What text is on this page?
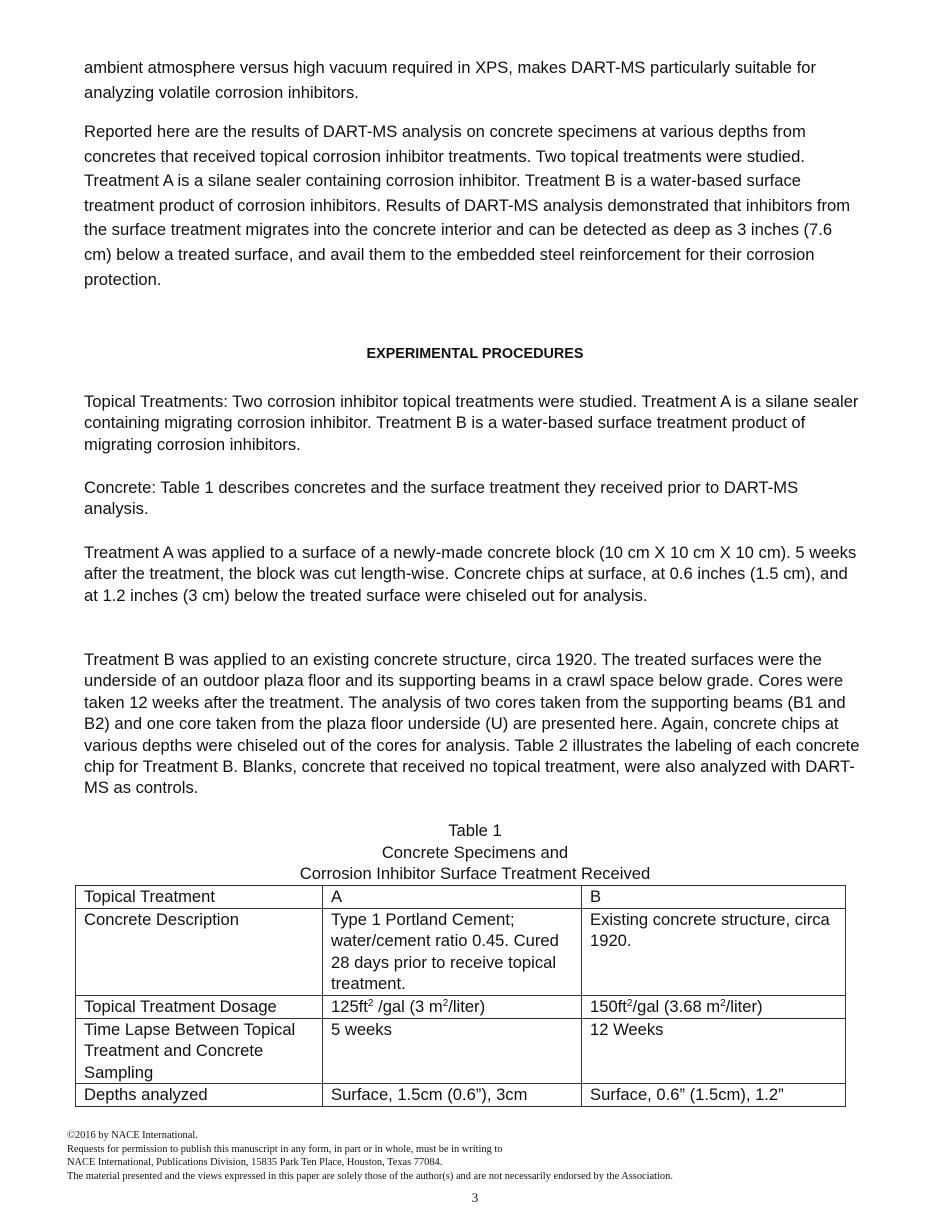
ambient atmosphere versus high vacuum required in XPS, makes DART-MS particularly suitable for analyzing volatile corrosion inhibitors.

Reported here are the results of DART-MS analysis on concrete specimens at various depths from concretes that received topical corrosion inhibitor treatments. Two topical treatments were studied. Treatment A is a silane sealer containing corrosion inhibitor. Treatment B is a water-based surface treatment product of corrosion inhibitors. Results of DART-MS analysis demonstrated that inhibitors from the surface treatment migrates into the concrete interior and can be detected as deep as 3 inches (7.6 cm) below a treated surface, and avail them to the embedded steel reinforcement for their corrosion protection.

EXPERIMENTAL PROCEDURES

Topical Treatments: Two corrosion inhibitor topical treatments were studied. Treatment A is a silane sealer containing migrating corrosion inhibitor. Treatment B is a water-based surface treatment product of migrating corrosion inhibitors.

Concrete: Table 1 describes concretes and the surface treatment they received prior to DART-MS analysis.

Treatment A was applied to a surface of a newly-made concrete block (10 cm X 10 cm X 10 cm). 5 weeks after the treatment, the block was cut length-wise. Concrete chips at surface, at 0.6 inches (1.5 cm), and at 1.2 inches (3 cm) below the treated surface were chiseled out for analysis.

Treatment B was applied to an existing concrete structure, circa 1920. The treated surfaces were the underside of an outdoor plaza floor and its supporting beams in a crawl space below grade. Cores were taken 12 weeks after the treatment. The analysis of two cores taken from the supporting beams (B1 and B2) and one core taken from the plaza floor underside (U) are presented here. Again, concrete chips at various depths were chiseled out of the cores for analysis. Table 2 illustrates the labeling of each concrete chip for Treatment B. Blanks, concrete that received no topical treatment, were also analyzed with DART-MS as controls.

Table 1
Concrete Specimens and
Corrosion Inhibitor Surface Treatment Received
Topical Treatment	A	B
Concrete Description	Type 1 Portland Cement; water/cement ratio 0.45. Cured 28 days prior to receive topical treatment.	Existing concrete structure, circa 1920.
Topical Treatment Dosage	$125ft^2$ /gal (3 $m^2/liter$)	$150ft^2$/gal (3.68 $m^2/liter$)
Time Lapse Between Topical Treatment and Concrete Sampling	5 weeks	12 Weeks
Depths analyzed	Surface, 1.5cm (0.6”), 3cm	Surface, 0.6” (1.5cm), 1.2”
©2016 by NACE International.
Requests for permission to publish this manuscript in any form, in part or in whole, must be in writing to
NACE International, Publications Division, 15835 Park Ten Place, Houston, Texas 77084.
The material presented and the views expressed in this paper are solely those of the author(s) and are not necessarily endorsed by the Association.
3
